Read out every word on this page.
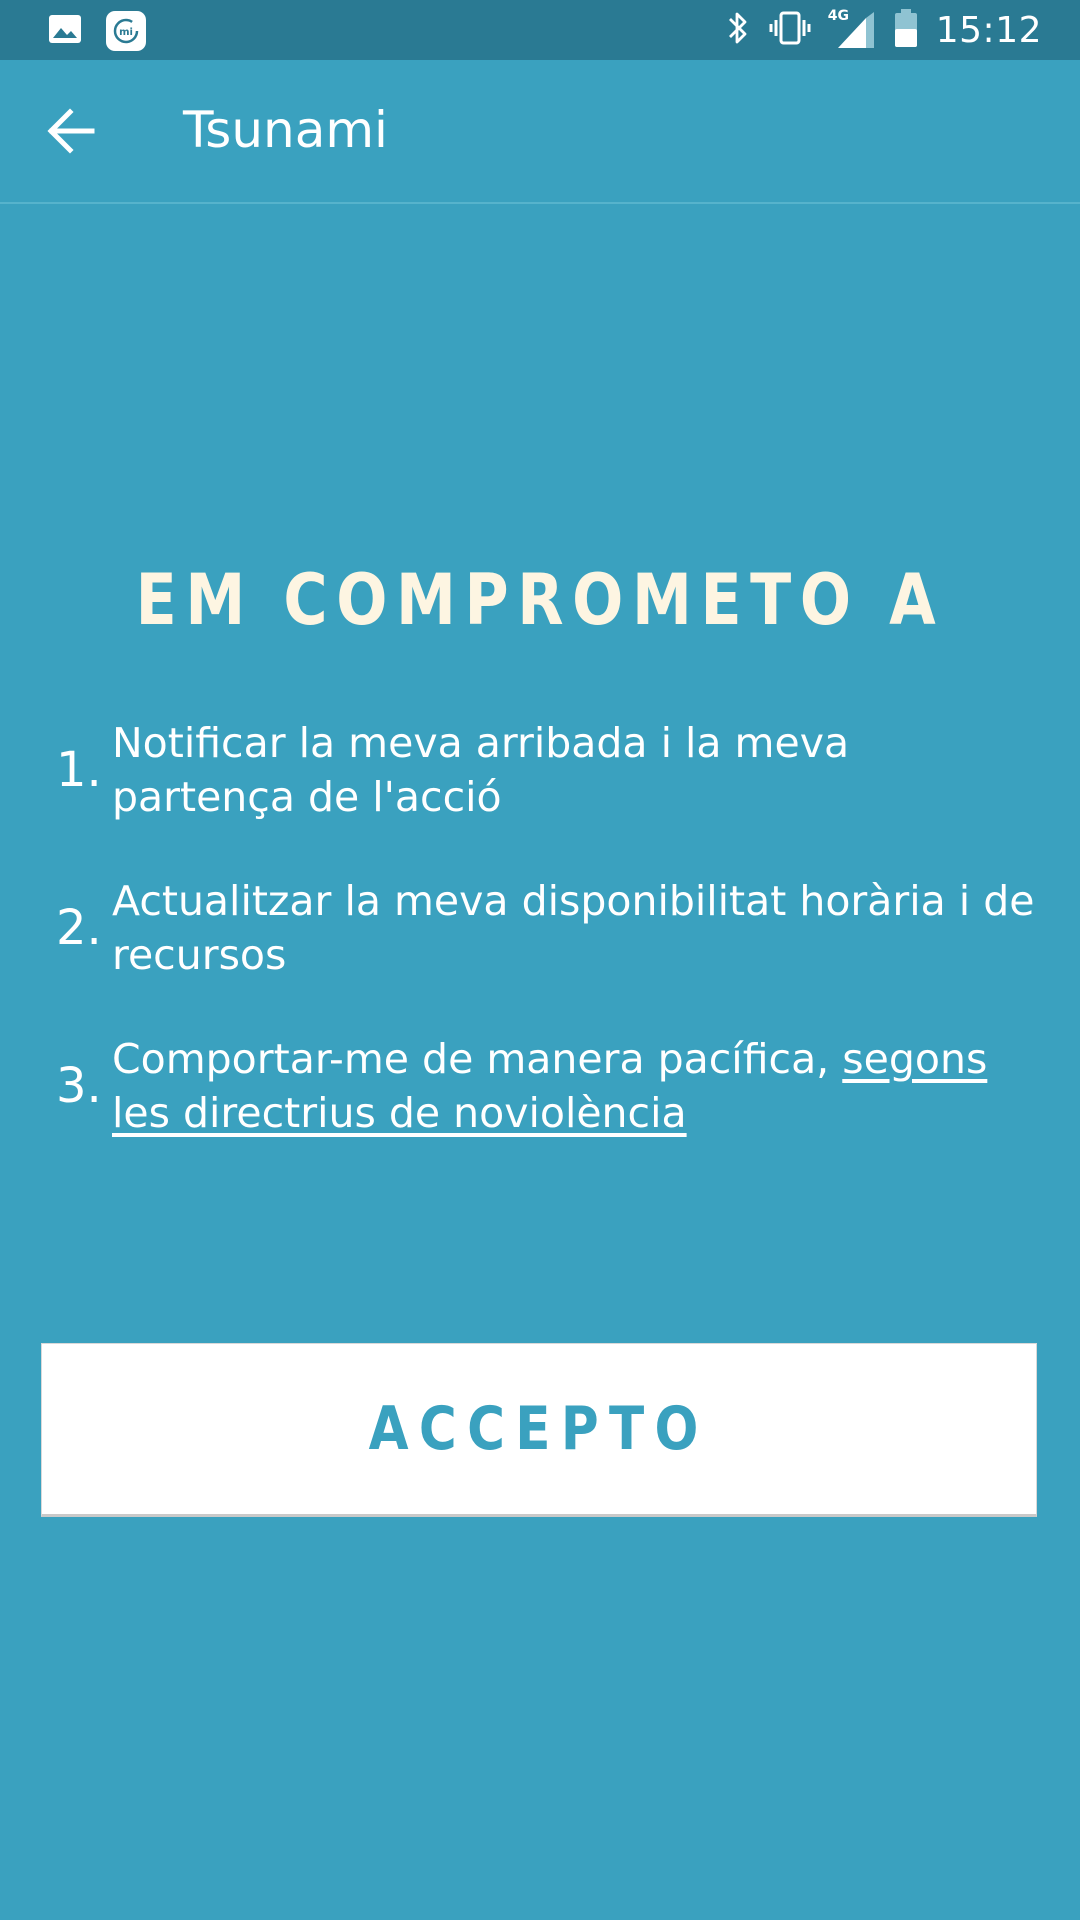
mi
4G 15:12
Tsunami
EM COMPROMETO A
1. Notificar la meva arribada i la meva partença de l'acció
2. Actualitzar la meva disponibilitat horària i de recursos
3. Comportar-me de manera pacífica, segons les directrius de noviolència
ACCEPTO
